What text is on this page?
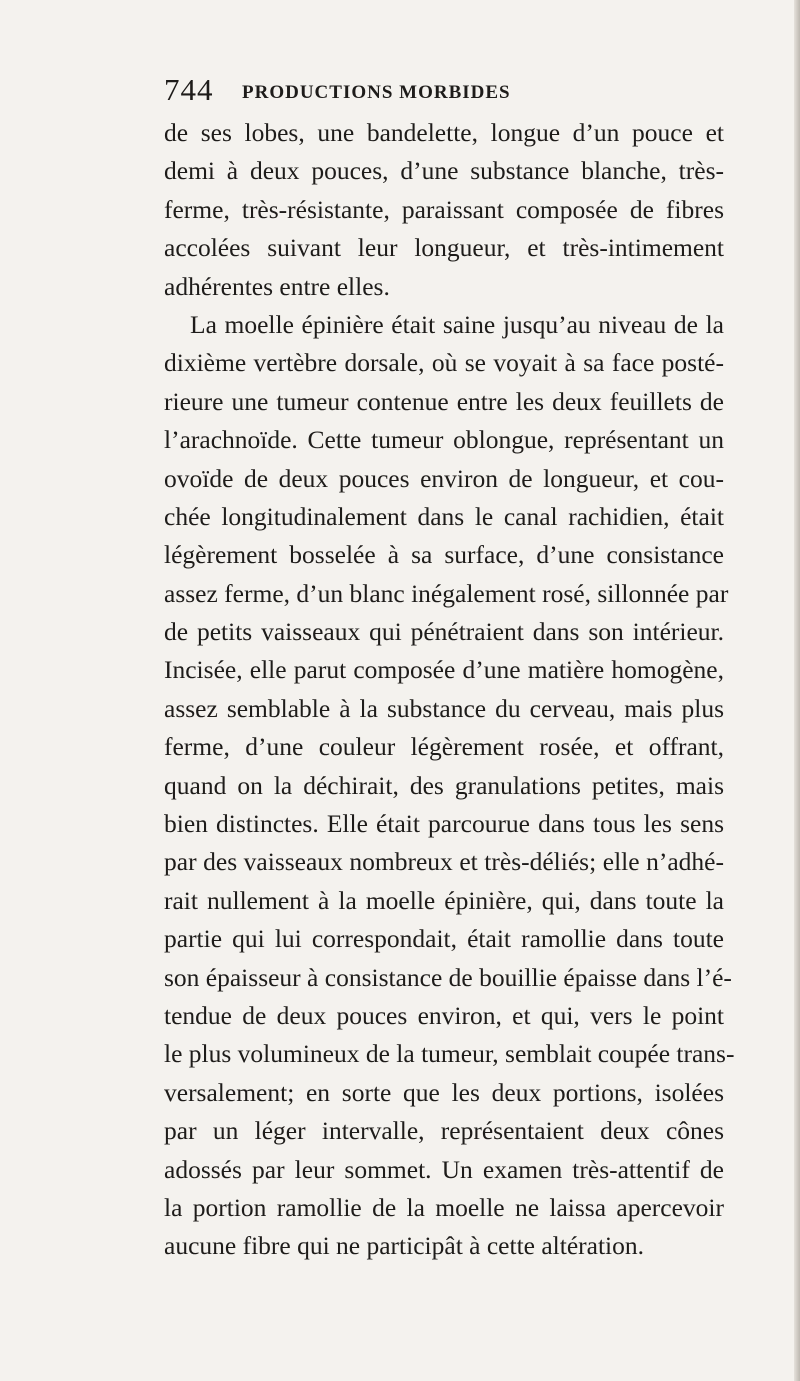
744 PRODUCTIONS MORBIDES
de ses lobes, une bandelette, longue d’un pouce et
demi à deux pouces, d’une substance blanche, très-
ferme, très-résistante, paraissant composée de fibres
accolées suivant leur longueur, et très-intimement
adhérentes entre elles.
La moelle épinière était saine jusqu’au niveau de la
dixième vertèbre dorsale, où se voyait à sa face posté-
rieure une tumeur contenue entre les deux feuillets de
l’arachnoïde. Cette tumeur oblongue, représentant un
ovoïde de deux pouces environ de longueur, et cou-
chée longitudinalement dans le canal rachidien, était
légèrement bosselée à sa surface, d’une consistance
assez ferme, d’un blanc inégalement rosé, sillonnée par
de petits vaisseaux qui pénétraient dans son intérieur.
Incisée, elle parut composée d’une matière homogène,
assez semblable à la substance du cerveau, mais plus
ferme, d’une couleur légèrement rosée, et offrant,
quand on la déchirait, des granulations petites, mais
bien distinctes. Elle était parcourue dans tous les sens
par des vaisseaux nombreux et très-déliés; elle n’adhé-
rait nullement à la moelle épinière, qui, dans toute la
partie qui lui correspondait, était ramollie dans toute
son épaisseur à consistance de bouillie épaisse dans l’é-
tendue de deux pouces environ, et qui, vers le point
le plus volumineux de la tumeur, semblait coupée trans-
versalement; en sorte que les deux portions, isolées
par un léger intervalle, représentaient deux cônes
adossés par leur sommet. Un examen très-attentif de
la portion ramollie de la moelle ne laissa apercevoir
aucune fibre qui ne participât à cette altération.
